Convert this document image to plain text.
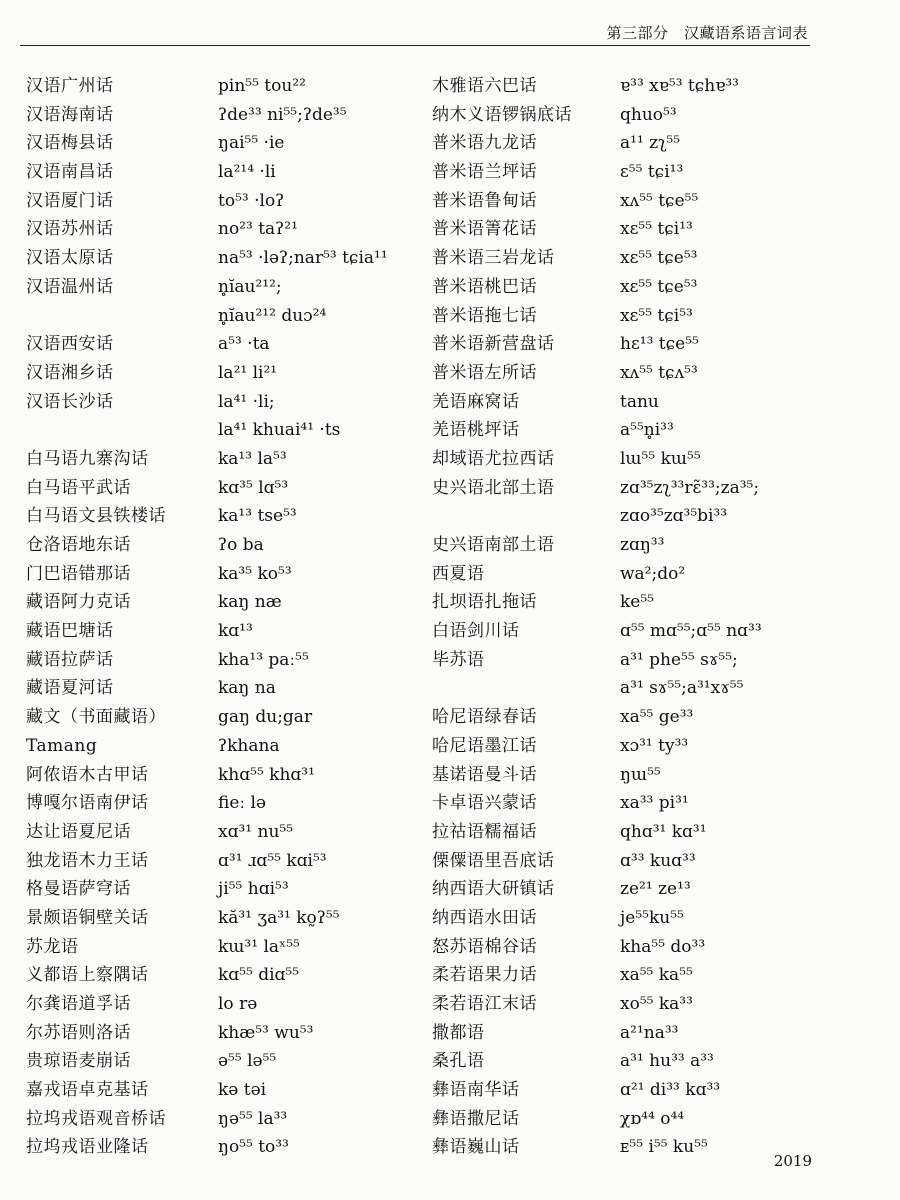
第三部分　汉藏语系语言词表
汉语广州话
汉语海南话
汉语梅县话
汉语南昌话
汉语厦门话
汉语苏州话
汉语太原话
汉语温州话
汉语西安话
汉语湘乡话
汉语长沙话
白马语九寨沟话
白马语平武话
白马语文县铁楼话
仓洛语地东话
门巴语错那话
藏语阿力克话
藏语巴塘话
藏语拉萨话
藏语夏河话
藏文（书面藏语）
Tamang
阿侬语木古甲话
博嘎尔语南伊话
达让语夏尼话
独龙语木力王话
格曼语萨穹话
景颇语铜壁关话
苏龙语
义都语上察隅话
尔龚语道孚话
尔苏语则洛话
贵琼语麦崩话
嘉戎语卓克基话
拉坞戎语观音桥话
拉坞戎语业隆话
pin⁵⁵ tou²²
ʔde³³ ni⁵⁵;ʔde³⁵
ŋai⁵⁵ ·ie
la²¹⁴ ·li
to⁵³ ·loʔ
no²³ taʔ²¹
na⁵³ ·ləʔ;nar⁵³ tɕia¹¹
n̥ĭau²¹²;
n̥ĭau²¹² duɔ²⁴
a⁵³ ·ta
la²¹ li²¹
la⁴¹ ·li;
la⁴¹ khuai⁴¹ ·ts
ka¹³ la⁵³
kɑ³⁵ lɑ⁵³
ka¹³ tse⁵³
ʔo ba
ka³⁵ ko⁵³
kaŋ næ
kɑ¹³
kha¹³ paː⁵⁵
kaŋ na
gaŋ du;gar
ʔkhana
khɑ⁵⁵ khɑ³¹
fieː lə
xɑ³¹ nu⁵⁵
ɑ³¹ ɹɑ⁵⁵ kɑi⁵³
ji⁵⁵ hɑi⁵³
kă³¹ ʒa³¹ ko̰ʔ⁵⁵
kɯ³¹ laˣ⁵⁵
kɑ⁵⁵ diɑ⁵⁵
lo rə
khæ⁵³ wu⁵³
ə⁵⁵ lə⁵⁵
kə təi
ŋə⁵⁵ la³³
ŋo⁵⁵ to³³
木雅语六巴话
纳木义语锣锅底话
普米语九龙话
普米语兰坪话
普米语鲁甸话
普米语箐花话
普米语三岩龙话
普米语桃巴话
普米语拖七话
普米语新营盘话
普米语左所话
羌语麻窝话
羌语桃坪话
却域语尤拉西话
史兴语北部土语
史兴语南部土语
西夏语
扎坝语扎拖话
白语剑川话
毕苏语
哈尼语绿春话
哈尼语墨江话
基诺语曼斗话
卡卓语兴蒙话
拉祜语糯福话
傈僳语里吾底话
纳西语大研镇话
纳西语水田话
怒苏语棉谷话
柔若语果力话
柔若语江末话
撒都语
桑孔语
彝语南华话
彝语撒尼话
彝语巍山话
ɐ³³ xɐ⁵³ tɕhɐ³³
qhuo⁵³
a¹¹ zʅ⁵⁵
ɛ⁵⁵ tɕi¹³
xʌ⁵⁵ tɕe⁵⁵
xɛ⁵⁵ tɕi¹³
xɛ⁵⁵ tɕe⁵³
xɛ⁵⁵ tɕe⁵³
xɛ⁵⁵ tɕi⁵³
hɛ¹³ tɕe⁵⁵
xʌ⁵⁵ tɕʌ⁵³
tanu
a⁵⁵n̥i³³
lɯ⁵⁵ kɯ⁵⁵
zɑ³⁵zʅ³³rɛ̃³³;za³⁵;
zɑo³⁵zɑ³⁵bi³³
zɑŋ³³
wa²;do²
ke⁵⁵
ɑ⁵⁵ mɑ⁵⁵;ɑ⁵⁵ nɑ³³
a³¹ phe⁵⁵ sɤ⁵⁵;
a³¹ sɤ⁵⁵;a³¹xɤ⁵⁵
xa⁵⁵ ge³³
xɔ³¹ ty³³
ŋɯ⁵⁵
xa³³ pi³¹
qhɑ³¹ kɑ³¹
ɑ³³ kuɑ³³
ze²¹ ze¹³
je⁵⁵ku⁵⁵
kha⁵⁵ do³³
xa⁵⁵ ka⁵⁵
xo⁵⁵ ka³³
a²¹na³³
a³¹ hu³³ a³³
ɑ²¹ di³³ kɑ³³
χɒ⁴⁴ o⁴⁴
ᴇ⁵⁵ i⁵⁵ ku⁵⁵
2019
